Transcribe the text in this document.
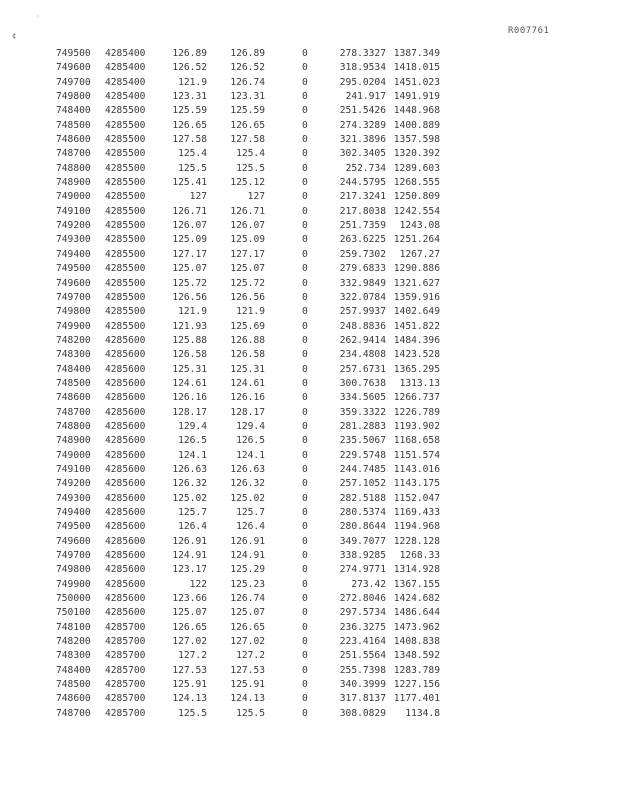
·
¢	R007761
749500 4285400	126.89 126.89	0	278.3327 1387.349
749600 4285400	126.52 126.52	0	318.9534 1418.015
749700 4285400	121.9 126.74	0	295.0204 1451.023
749800 4285400	123.31 123.31	0	241.917 1491.919
748400 4285500	125.59 125.59	0	251.5426 1448.968
748500 4285500	126.65 126.65	0	274.3289 1400.889
748600 4285500	127.58 127.58	0	321.3896 1357.598
748700 4285500	125.4	125.4	0	302.3405 1320.392
748800 4285500	125.5	125.5	0	252.734 1289.603
748900 4285500	125.41 125.12	0	244.5795 1268.555
749000 4285500	127	127	0	217.3241 1250.809
749100 4285500	126.71 126.71	0	217.8038 1242.554
749200 4285500	126.07 126.07	0	251.7359 1243.08
749300 4285500	125.09 125.09	0	263.6225 1251.264
749400 4285500	127.17 127.17	0	259.7302 1267.27
749500 4285500	125.07 125.07	0	279.6833 1290.886
749600 4285500	125.72 125.72	0	332.9849 1321.627
749700 4285500	126.56 126.56	0	322.0784 1359.916
749800 4285500	121.9	121.9	0	257.9937 1402.649
749900 4285500	121.93 125.69	0	248.8836 1451.822
748200 4285600	125.88 126.88	0	262.9414 1484.396
748300 4285600	126.58 126.58	0	234.4808 1423.528
748400 4285600	125.31 125.31	0	257.6731 1365.295
748500 4285600	124.61 124.61	0	300.7638 1313.13
748600 4285600	126.16 126.16	0	334.5605 1266.737
748700 4285600	128.17 128.17	0	359.3322 1226.789
748800 4285600	129.4	129.4	0	281.2883 1193.902
748900 4285600	126.5	126.5	0	235.5067 1168.658
749000 4285600	124.1	124.1	0	229.5748 1151.574
749100 4285600	126.63 126.63	0	244.7485 1143.016
749200 4285600	126.32 126.32	0	257.1052 1143.175
749300 4285600	125.02 125.02	0	282.5188 1152.047
749400 4285600	125.7	125.7	0	280.5374 1169.433
749500 4285600	126.4	126.4	0	280.8644 1194.968
749600 4285600	126.91 126.91	0	349.7077 1228.128
749700 4285600	124.91 124.91	0	338.9285 1268.33
749800 4285600	123.17 125.29	0	274.9771 1314.928
749900 4285600	122 125.23	0	273.42 1367.155
750000 4285600	123.66 126.74	0	272.8046 1424.682
750100 4285600	125.07 125.07	0	297.5734 1486.644
748100 4285700	126.65 126.65	0	236.3275 1473.962
748200 4285700	127.02 127.02	0	223.4164 1408.838
748300 4285700	127.2	127.2	0	251.5564 1348.592
748400 4285700	127.53 127.53	0	255.7398 1283.789
748500 4285700	125.91 125.91	0	340.3999 1227.156
748600 4285700	124.13 124.13	0	317.8137 1177.401
748700 4285700	125.5	125.5	0	308.0829 1134.8
